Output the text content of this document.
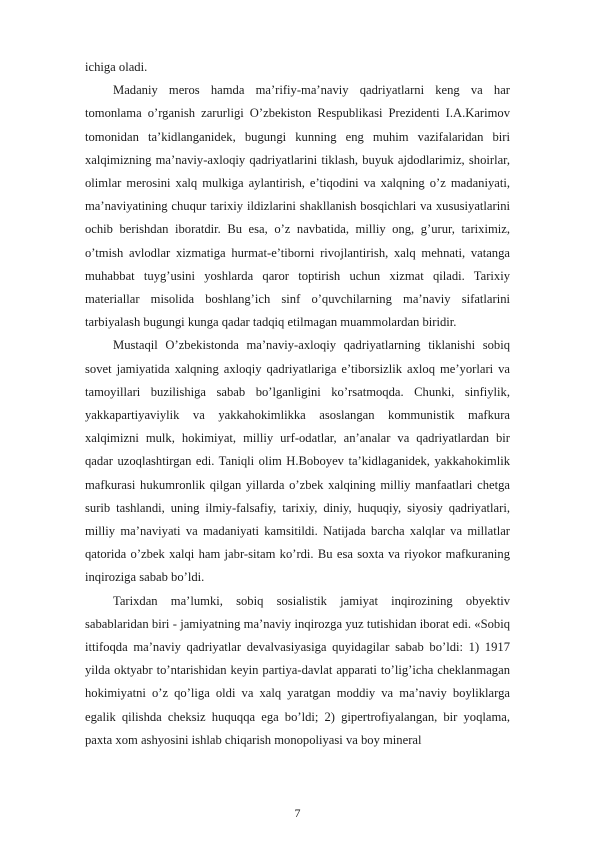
ichiga oladi.

Madaniy meros hamda ma’rifiy-ma’naviy qadriyatlarni keng va har tomonlama o’rganish zarurligi O’zbekiston Respublikasi Prezidenti I.A.Karimov tomonidan ta’kidlanganidek, bugungi kunning eng muhim vazifalaridan biri xalqimizning ma’naviy-axloqiy qadriyatlarini tiklash, buyuk ajdodlarimiz, shoirlar, olimlar merosini xalq mulkiga aylantirish, e’tiqodini va xalqning o’z madaniyati, ma’naviyatining chuqur tarixiy ildizlarini shakllanish bosqichlari va xususiyatlarini ochib berishdan iboratdir. Bu esa, o’z navbatida, milliy ong, g’urur, tariximiz, o’tmish avlodlar xizmatiga hurmat-e’tiborni rivojlantirish, xalq mehnati, vatanga muhabbat tuyg’usini yoshlarda qaror toptirish uchun xizmat qiladi. Tarixiy materiallar misolida boshlang’ich sinf o’quvchilarning ma’naviy sifatlarini tarbiyalash bugungi kunga qadar tadqiq etilmagan muammolardan biridir.

Mustaqil O’zbekistonda ma’naviy-axloqiy qadriyatlarning tiklanishi sobiq sovet jamiyatida xalqning axloqiy qadriyatlariga e’tiborsizlik axloq me’yorlari va tamoyillari buzilishiga sabab bo’lganligini ko’rsatmoqda. Chunki, sinfiylik, yakkapartiyaviylik va yakkahokimlikka asoslangan kommunistik mafkura xalqimizni mulk, hokimiyat, milliy urf-odatlar, an’analar va qadriyatlardan bir qadar uzoqlashtirgan edi. Taniqli olim H.Boboyev ta’kidlaganidek, yakkahokimlik mafkurasi hukumronlik qilgan yillarda o’zbek xalqining milliy manfaatlari chetga surib tashlandi, uning ilmiy-falsafiy, tarixiy, diniy, huquqiy, siyosiy qadriyatlari, milliy ma’naviyati va madaniyati kamsitildi. Natijada barcha xalqlar va millatlar qatorida o’zbek xalqi ham jabr-sitam ko’rdi. Bu esa soxta va riyokor mafkuraning inqiroziga sabab bo’ldi.

Tarixdan ma’lumki, sobiq sosialistik jamiyat inqirozining obyektiv sabablaridan biri - jamiyatning ma’naviy inqirozga yuz tutishidan iborat edi. «Sobiq ittifoqda ma’naviy qadriyatlar devalvasiyasiga quyidagilar sabab bo’ldi: 1) 1917 yilda oktyabr to’ntarishidan keyin partiya-davlat apparati to’lig’icha cheklanmagan hokimiyatni o’z qo’liga oldi va xalq yaratgan moddiy va ma’naviy boyliklarga egalik qilishda cheksiz huquqqa ega bo’ldi; 2) gipertrofiyalangan, bir yoqlama, paxta xom ashyosini ishlab chiqarish monopoliyasi va boy mineral

7
